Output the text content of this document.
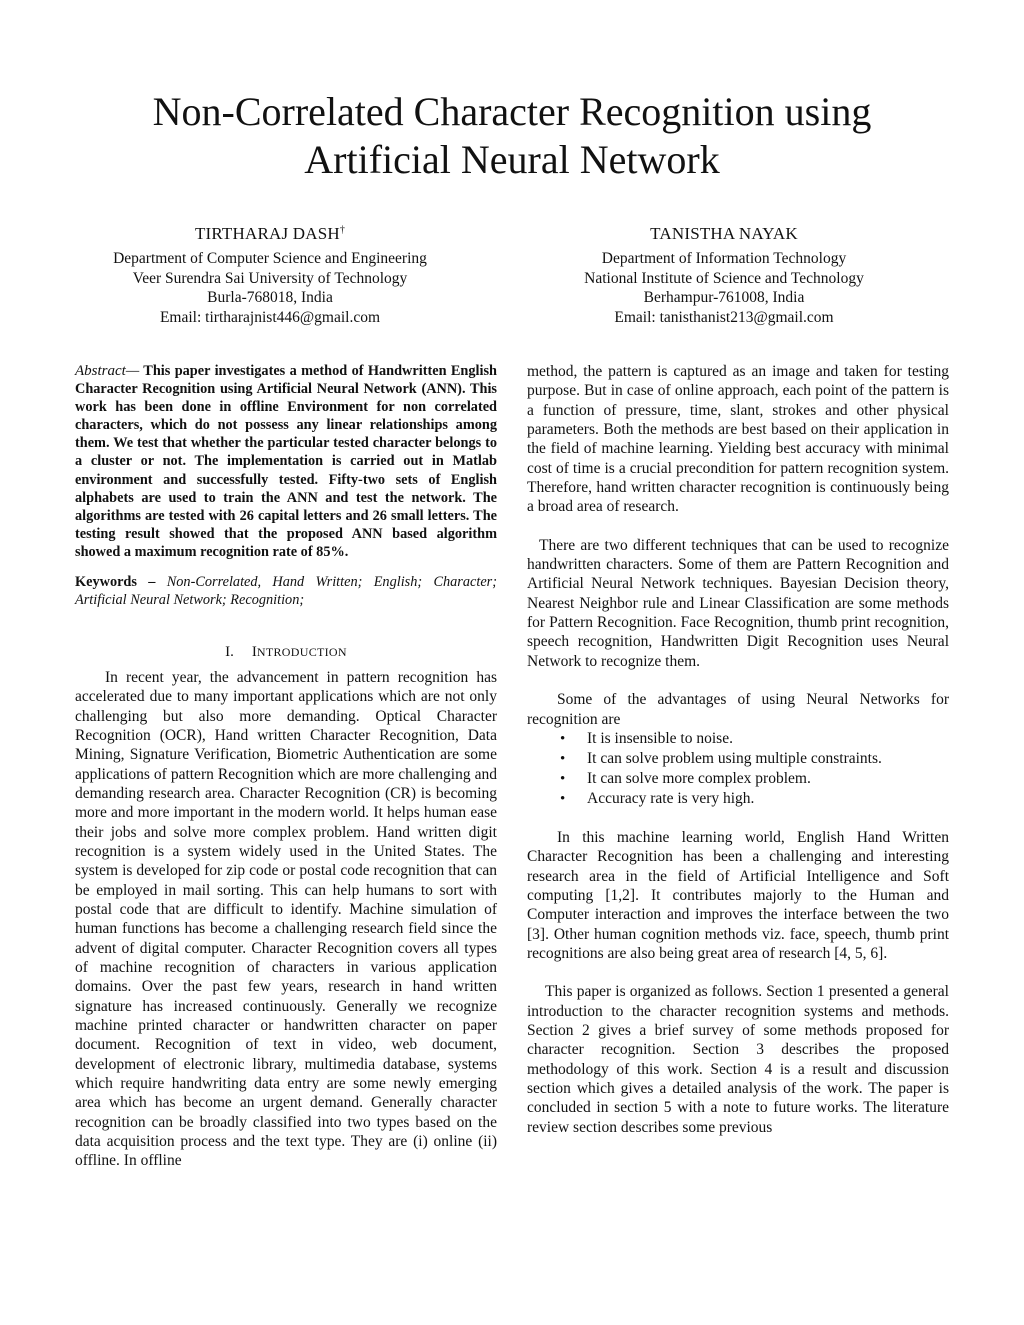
Non-Correlated Character Recognition using
Artificial Neural Network
TIRTHARAJ DASH†
Department of Computer Science and Engineering
Veer Surendra Sai University of Technology
Burla-768018, India
Email: tirtharajnist446@gmail.com
TANISTHA NAYAK
Department of Information Technology
National Institute of Science and Technology
Berhampur-761008, India
Email: tanisthanist213@gmail.com

Abstract— This paper investigates a method of Handwritten English Character Recognition using Artificial Neural Network (ANN). This work has been done in offline Environment for non correlated characters, which do not possess any linear relationships among them. We test that whether the particular tested character belongs to a cluster or not. The implementation is carried out in Matlab environment and successfully tested. Fifty-two sets of English alphabets are used to train the ANN and test the network. The algorithms are tested with 26 capital letters and 26 small letters. The testing result showed that the proposed ANN based algorithm showed a maximum recognition rate of 85%.

Keywords – Non-Correlated, Hand Written; English; Character; Artificial Neural Network; Recognition;

I. INTRODUCTION

In recent year, the advancement in pattern recognition has accelerated due to many important applications which are not only challenging but also more demanding. Optical Character Recognition (OCR), Hand written Character Recognition, Data Mining, Signature Verification, Biometric Authentication are some applications of pattern Recognition which are more challenging and demanding research area. Character Recognition (CR) is becoming more and more important in the modern world. It helps human ease their jobs and solve more complex problem. Hand written digit recognition is a system widely used in the United States. The system is developed for zip code or postal code recognition that can be employed in mail sorting. This can help humans to sort with postal code that are difficult to identify. Machine simulation of human functions has become a challenging research field since the advent of digital computer. Character Recognition covers all types of machine recognition of characters in various application domains. Over the past few years, research in hand written signature has increased continuously. Generally we recognize machine printed character or handwritten character on paper document. Recognition of text in video, web document, development of electronic library, multimedia database, systems which require handwriting data entry are some newly emerging area which has become an urgent demand. Generally character recognition can be broadly classified into two types based on the data acquisition process and the text type. They are (i) online (ii) offline. In offline

method, the pattern is captured as an image and taken for testing purpose. But in case of online approach, each point of the pattern is a function of pressure, time, slant, strokes and other physical parameters. Both the methods are best based on their application in the field of machine learning. Yielding best accuracy with minimal cost of time is a crucial precondition for pattern recognition system. Therefore, hand written character recognition is continuously being a broad area of research.

There are two different techniques that can be used to recognize handwritten characters. Some of them are Pattern Recognition and Artificial Neural Network techniques. Bayesian Decision theory, Nearest Neighbor rule and Linear Classification are some methods for Pattern Recognition. Face Recognition, thumb print recognition, speech recognition, Handwritten Digit Recognition uses Neural Network to recognize them.

Some of the advantages of using Neural Networks for recognition are

• It is insensible to noise.
• It can solve problem using multiple constraints.
• It can solve more complex problem.
• Accuracy rate is very high.

In this machine learning world, English Hand Written Character Recognition has been a challenging and interesting research area in the field of Artificial Intelligence and Soft computing [1,2]. It contributes majorly to the Human and Computer interaction and improves the interface between the two [3]. Other human cognition methods viz. face, speech, thumb print recognitions are also being great area of research [4, 5, 6].

This paper is organized as follows. Section 1 presented a general introduction to the character recognition systems and methods. Section 2 gives a brief survey of some methods proposed for character recognition. Section 3 describes the proposed methodology of this work. Section 4 is a result and discussion section which gives a detailed analysis of the work. The paper is concluded in section 5 with a note to future works. The literature review section describes some previous
